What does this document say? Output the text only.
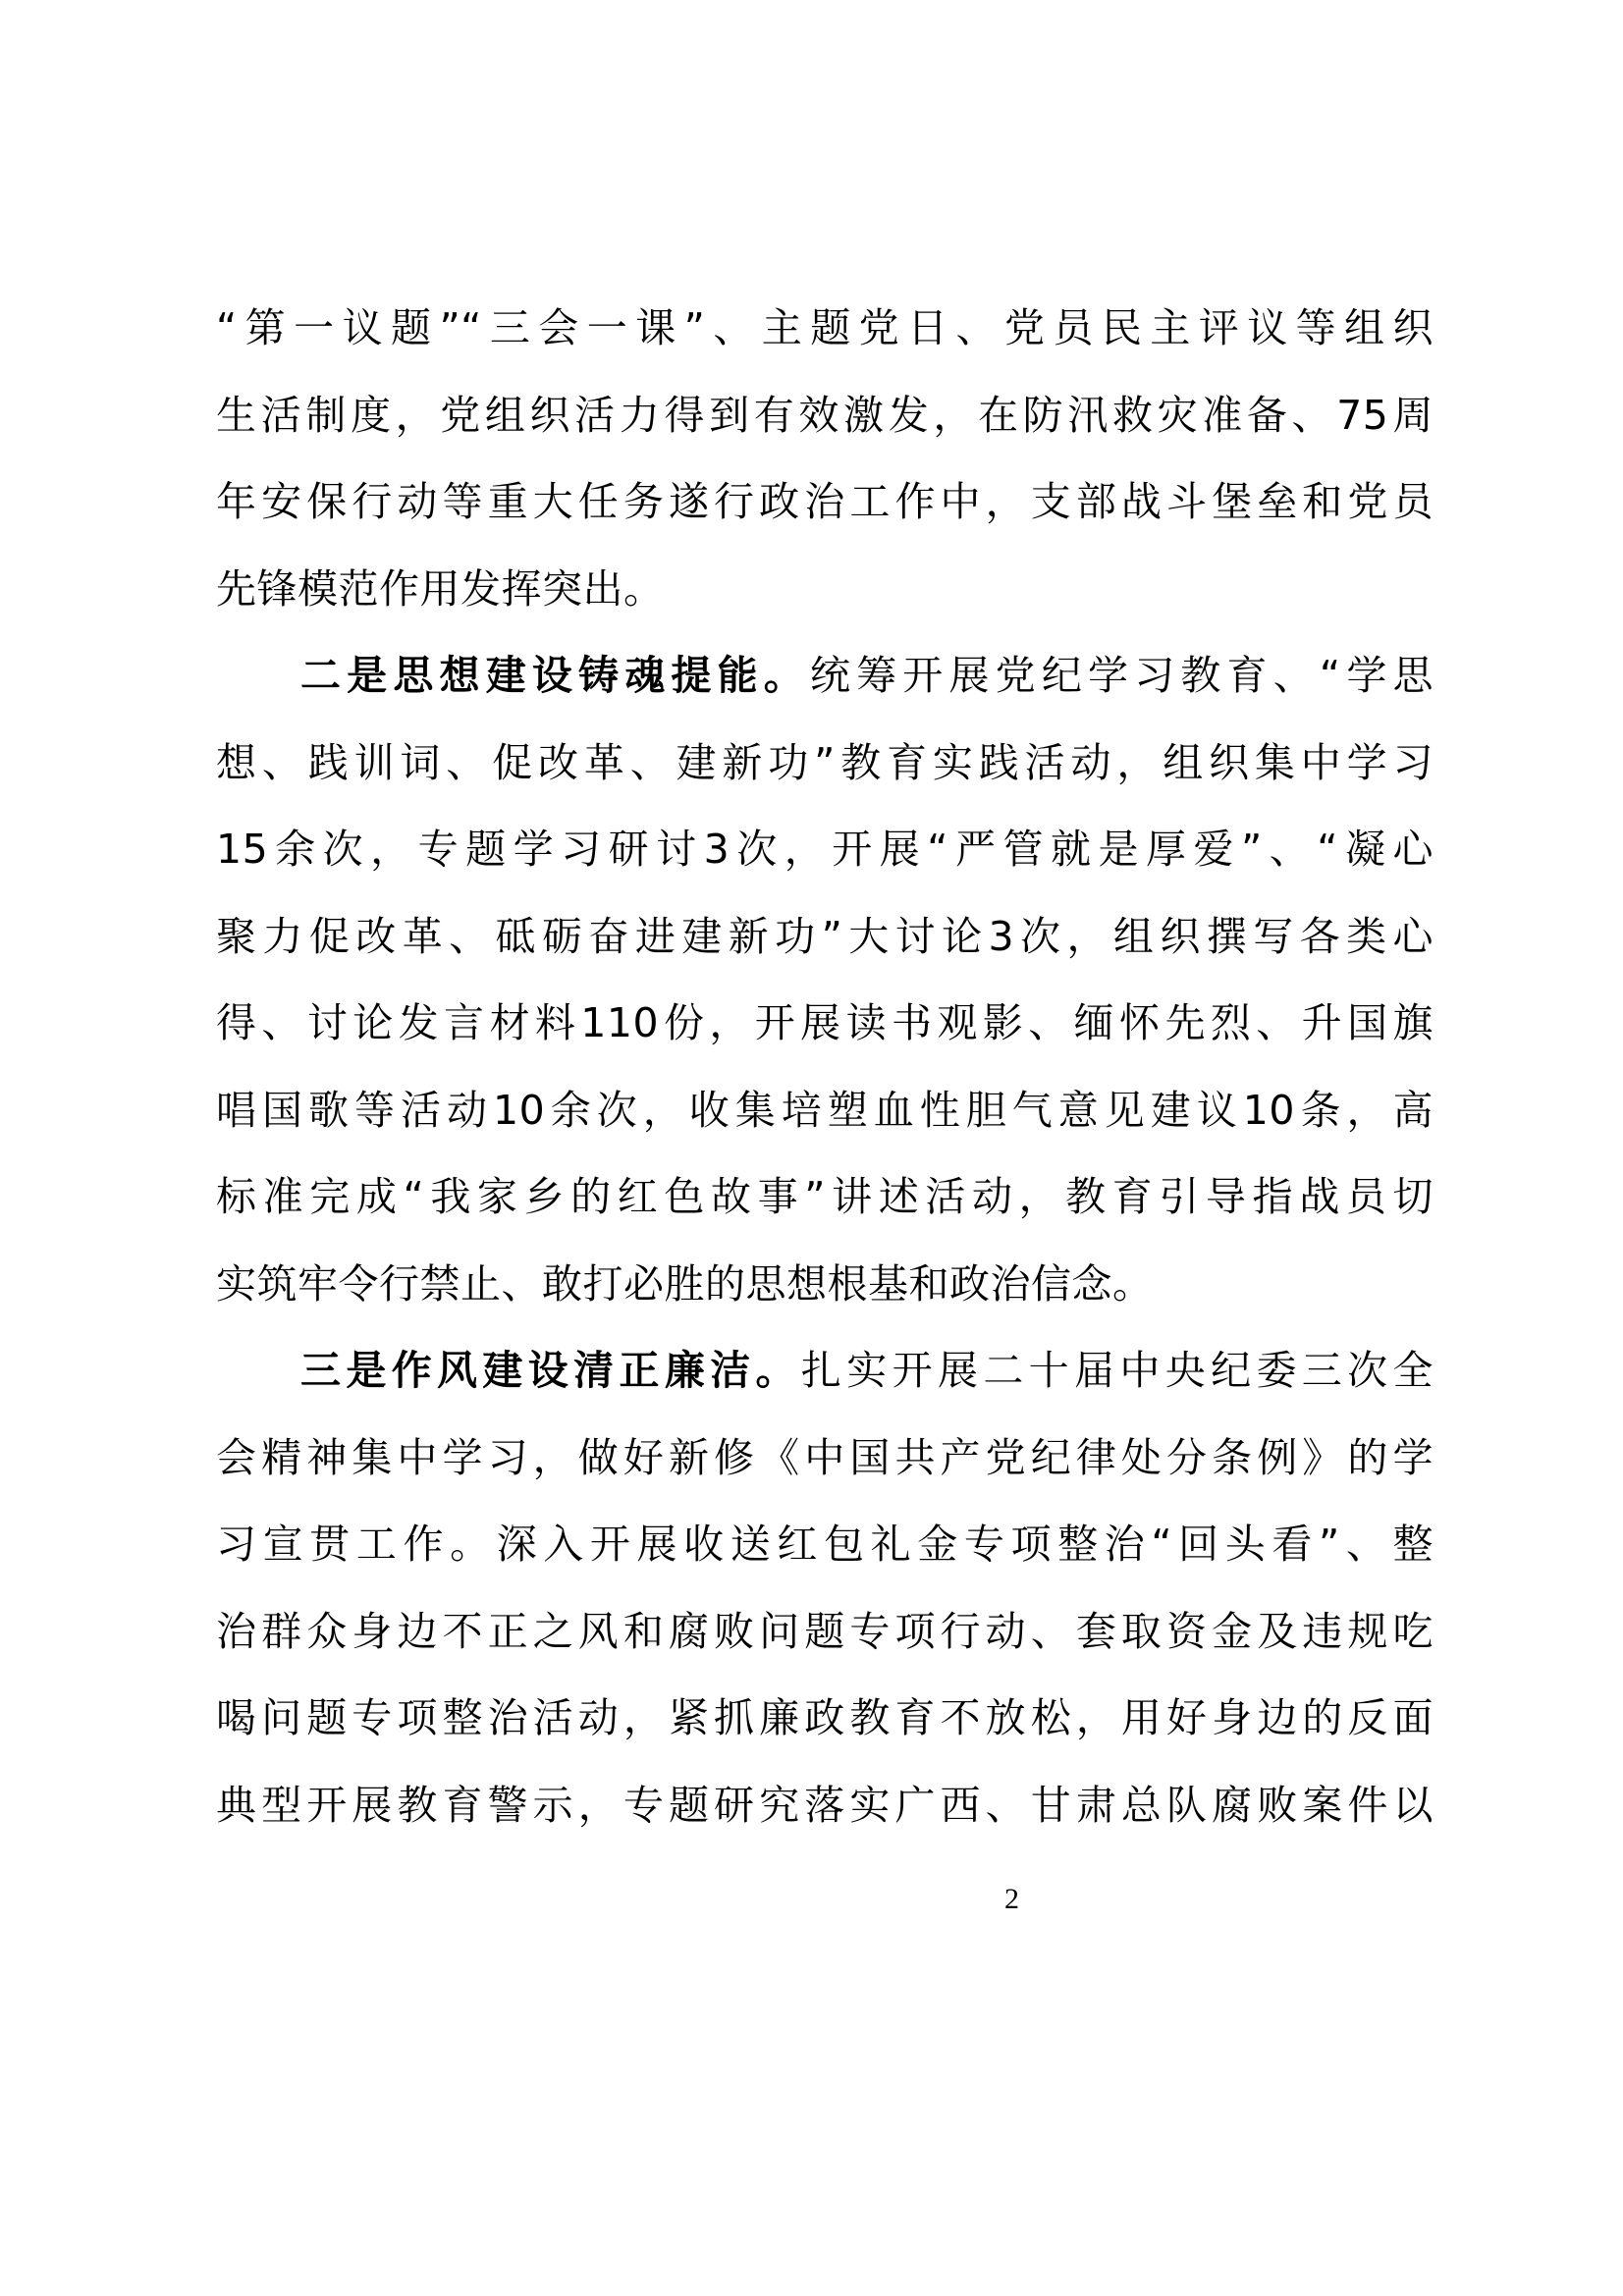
“第一议题”“三会一课”、主题党日、党员民主评议等组织
生活制度，党组织活力得到有效激发，在防汛救灾准备、75周
年安保行动等重大任务遂行政治工作中，支部战斗堡垒和党员
先锋模范作用发挥突出。
二是思想建设铸魂提能。统筹开展党纪学习教育、“学思
想、践训词、促改革、建新功”教育实践活动，组织集中学习
15余次，专题学习研讨3次，开展“严管就是厚爱”、“凝心
聚力促改革、砥砺奋进建新功”大讨论3次，组织撰写各类心
得、讨论发言材料110份，开展读书观影、缅怀先烈、升国旗
唱国歌等活动10余次，收集培塑血性胆气意见建议10条，高
标准完成“我家乡的红色故事”讲述活动，教育引导指战员切
实筑牢令行禁止、敢打必胜的思想根基和政治信念。
三是作风建设清正廉洁。扎实开展二十届中央纪委三次全
会精神集中学习，做好新修《中国共产党纪律处分条例》的学
习宣贯工作。深入开展收送红包礼金专项整治“回头看”、整
治群众身边不正之风和腐败问题专项行动、套取资金及违规吃
喝问题专项整治活动，紧抓廉政教育不放松，用好身边的反面
典型开展教育警示，专题研究落实广西、甘肃总队腐败案件以
2
